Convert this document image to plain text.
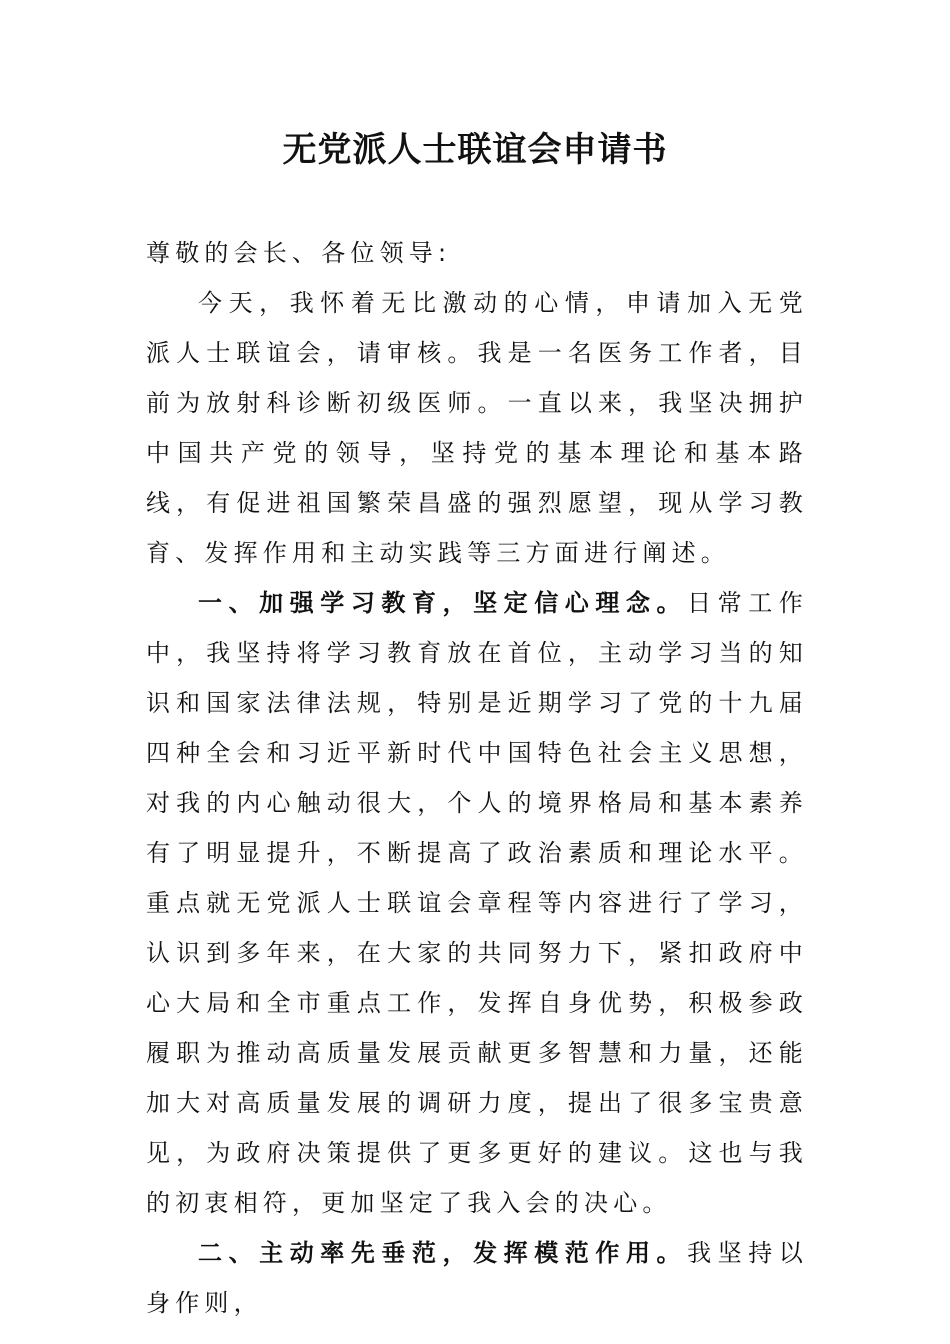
无党派人士联谊会申请书

尊敬的会长、各位领导:

今天，我怀着无比激动的心情，申请加入无党派人士联谊会，请审核。我是一名医务工作者，目前为放射科诊断初级医师。一直以来，我坚决拥护中国共产党的领导，坚持党的基本理论和基本路线，有促进祖国繁荣昌盛的强烈愿望，现从学习教育、发挥作用和主动实践等三方面进行阐述。

一、加强学习教育，坚定信心理念。日常工作中，我坚持将学习教育放在首位，主动学习当的知识和国家法律法规，特别是近期学习了党的十九届四种全会和习近平新时代中国特色社会主义思想，对我的内心触动很大，个人的境界格局和基本素养有了明显提升，不断提高了政治素质和理论水平。重点就无党派人士联谊会章程等内容进行了学习，认识到多年来，在大家的共同努力下，紧扣政府中心大局和全市重点工作，发挥自身优势，积极参政履职为推动高质量发展贡献更多智慧和力量，还能加大对高质量发展的调研力度，提出了很多宝贵意见，为政府决策提供了更多更好的建议。这也与我的初衷相符，更加坚定了我入会的决心。

二、主动率先垂范，发挥模范作用。我坚持以身作则，
